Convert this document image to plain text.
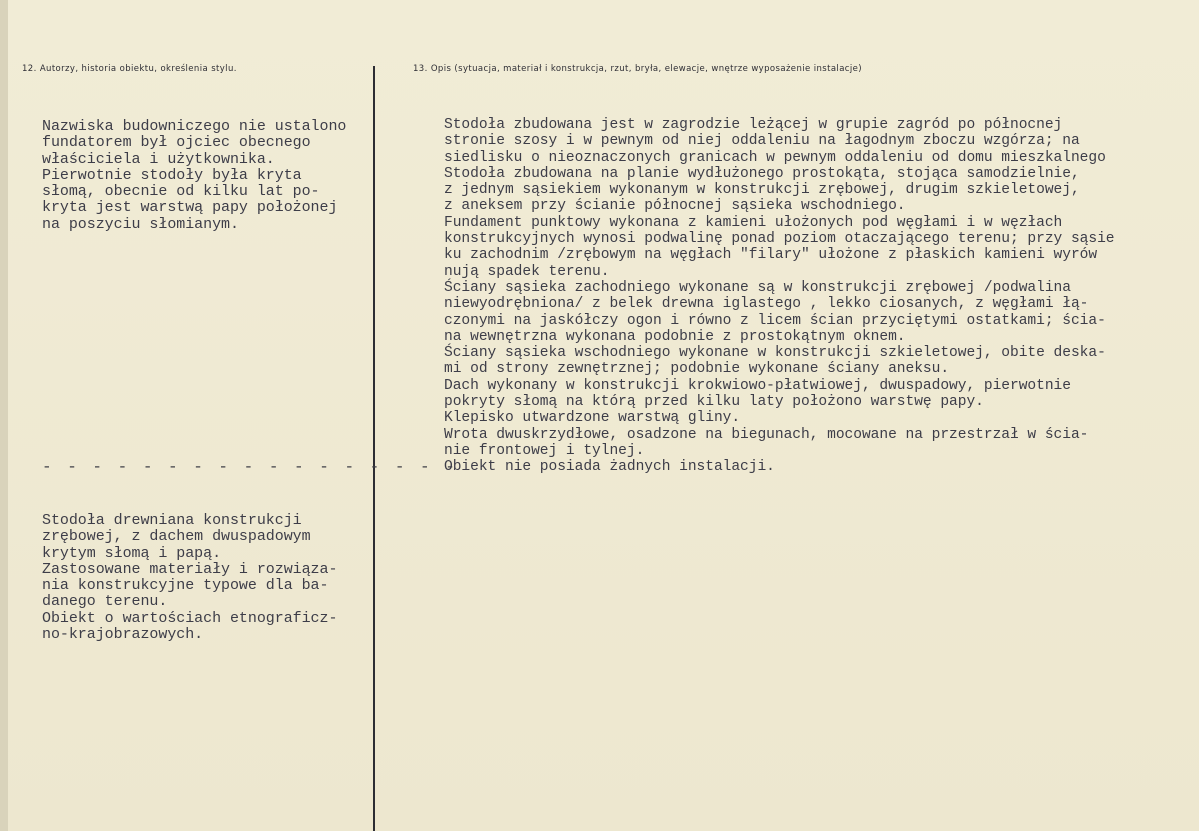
12. Autorzy, historia obiektu, określenia stylu.	13. Opis (sytuacja, materiał i konstrukcja, rzut, bryła, elewacje, wnętrze wyposażenie instalacje)
Nazwiska budowniczego nie ustalono
fundatorem był ojciec obecnego
właściciela i użytkownika.
Pierwotnie stodoły była kryta
słomą, obecnie od kilku lat po-
kryta jest warstwą papy położonej
na poszyciu słomianym.
- - - - - - - - - - - - - - - - -
Stodoła drewniana konstrukcji
zrębowej, z dachem dwuspadowym
krytym słomą i papą.
Zastosowane materiały i rozwiąza-
nia konstrukcyjne typowe dla ba-
danego terenu.
Obiekt o wartościach etnograficz-
no-krajobrazowych.
Stodoła zbudowana jest w zagrodzie leżącej w grupie zagród po północnej
stronie szosy i w pewnym od niej oddaleniu na łagodnym zboczu wzgórza; na
siedlisku o nieoznaczonych granicach w pewnym oddaleniu od domu mieszkalnego
Stodoła zbudowana na planie wydłużonego prostokąta, stojąca samodzielnie,
z jednym sąsiekiem wykonanym w konstrukcji zrębowej, drugim szkieletowej,
z aneksem przy ścianie północnej sąsieka wschodniego.
Fundament punktowy wykonana z kamieni ułożonych pod węgłami i w węzłach
konstrukcyjnych wynosi podwalinę ponad poziom otaczającego terenu; przy sąsie
ku zachodnim /zrębowym na węgłach "filary" ułożone z płaskich kamieni wyrów
nują spadek terenu.
Ściany sąsieka zachodniego wykonane są w konstrukcji zrębowej /podwalina
niewyodrębniona/ z belek drewna iglastego , lekko ciosanych, z węgłami łą-
czonymi na jaskółczy ogon i równo z licem ścian przyciętymi ostatkami; ścia-
na wewnętrzna wykonana podobnie z prostokątnym oknem.
Ściany sąsieka wschodniego wykonane w konstrukcji szkieletowej, obite deska-
mi od strony zewnętrznej; podobnie wykonane ściany aneksu.
Dach wykonany w konstrukcji krokwiowo-płatwiowej, dwuspadowy, pierwotnie
pokryty słomą na którą przed kilku laty położono warstwę papy.
Klepisko utwardzone warstwą gliny.
Wrota dwuskrzydłowe, osadzone na biegunach, mocowane na przestrzał w ścia-
nie frontowej i tylnej.
Obiekt nie posiada żadnych instalacji.
